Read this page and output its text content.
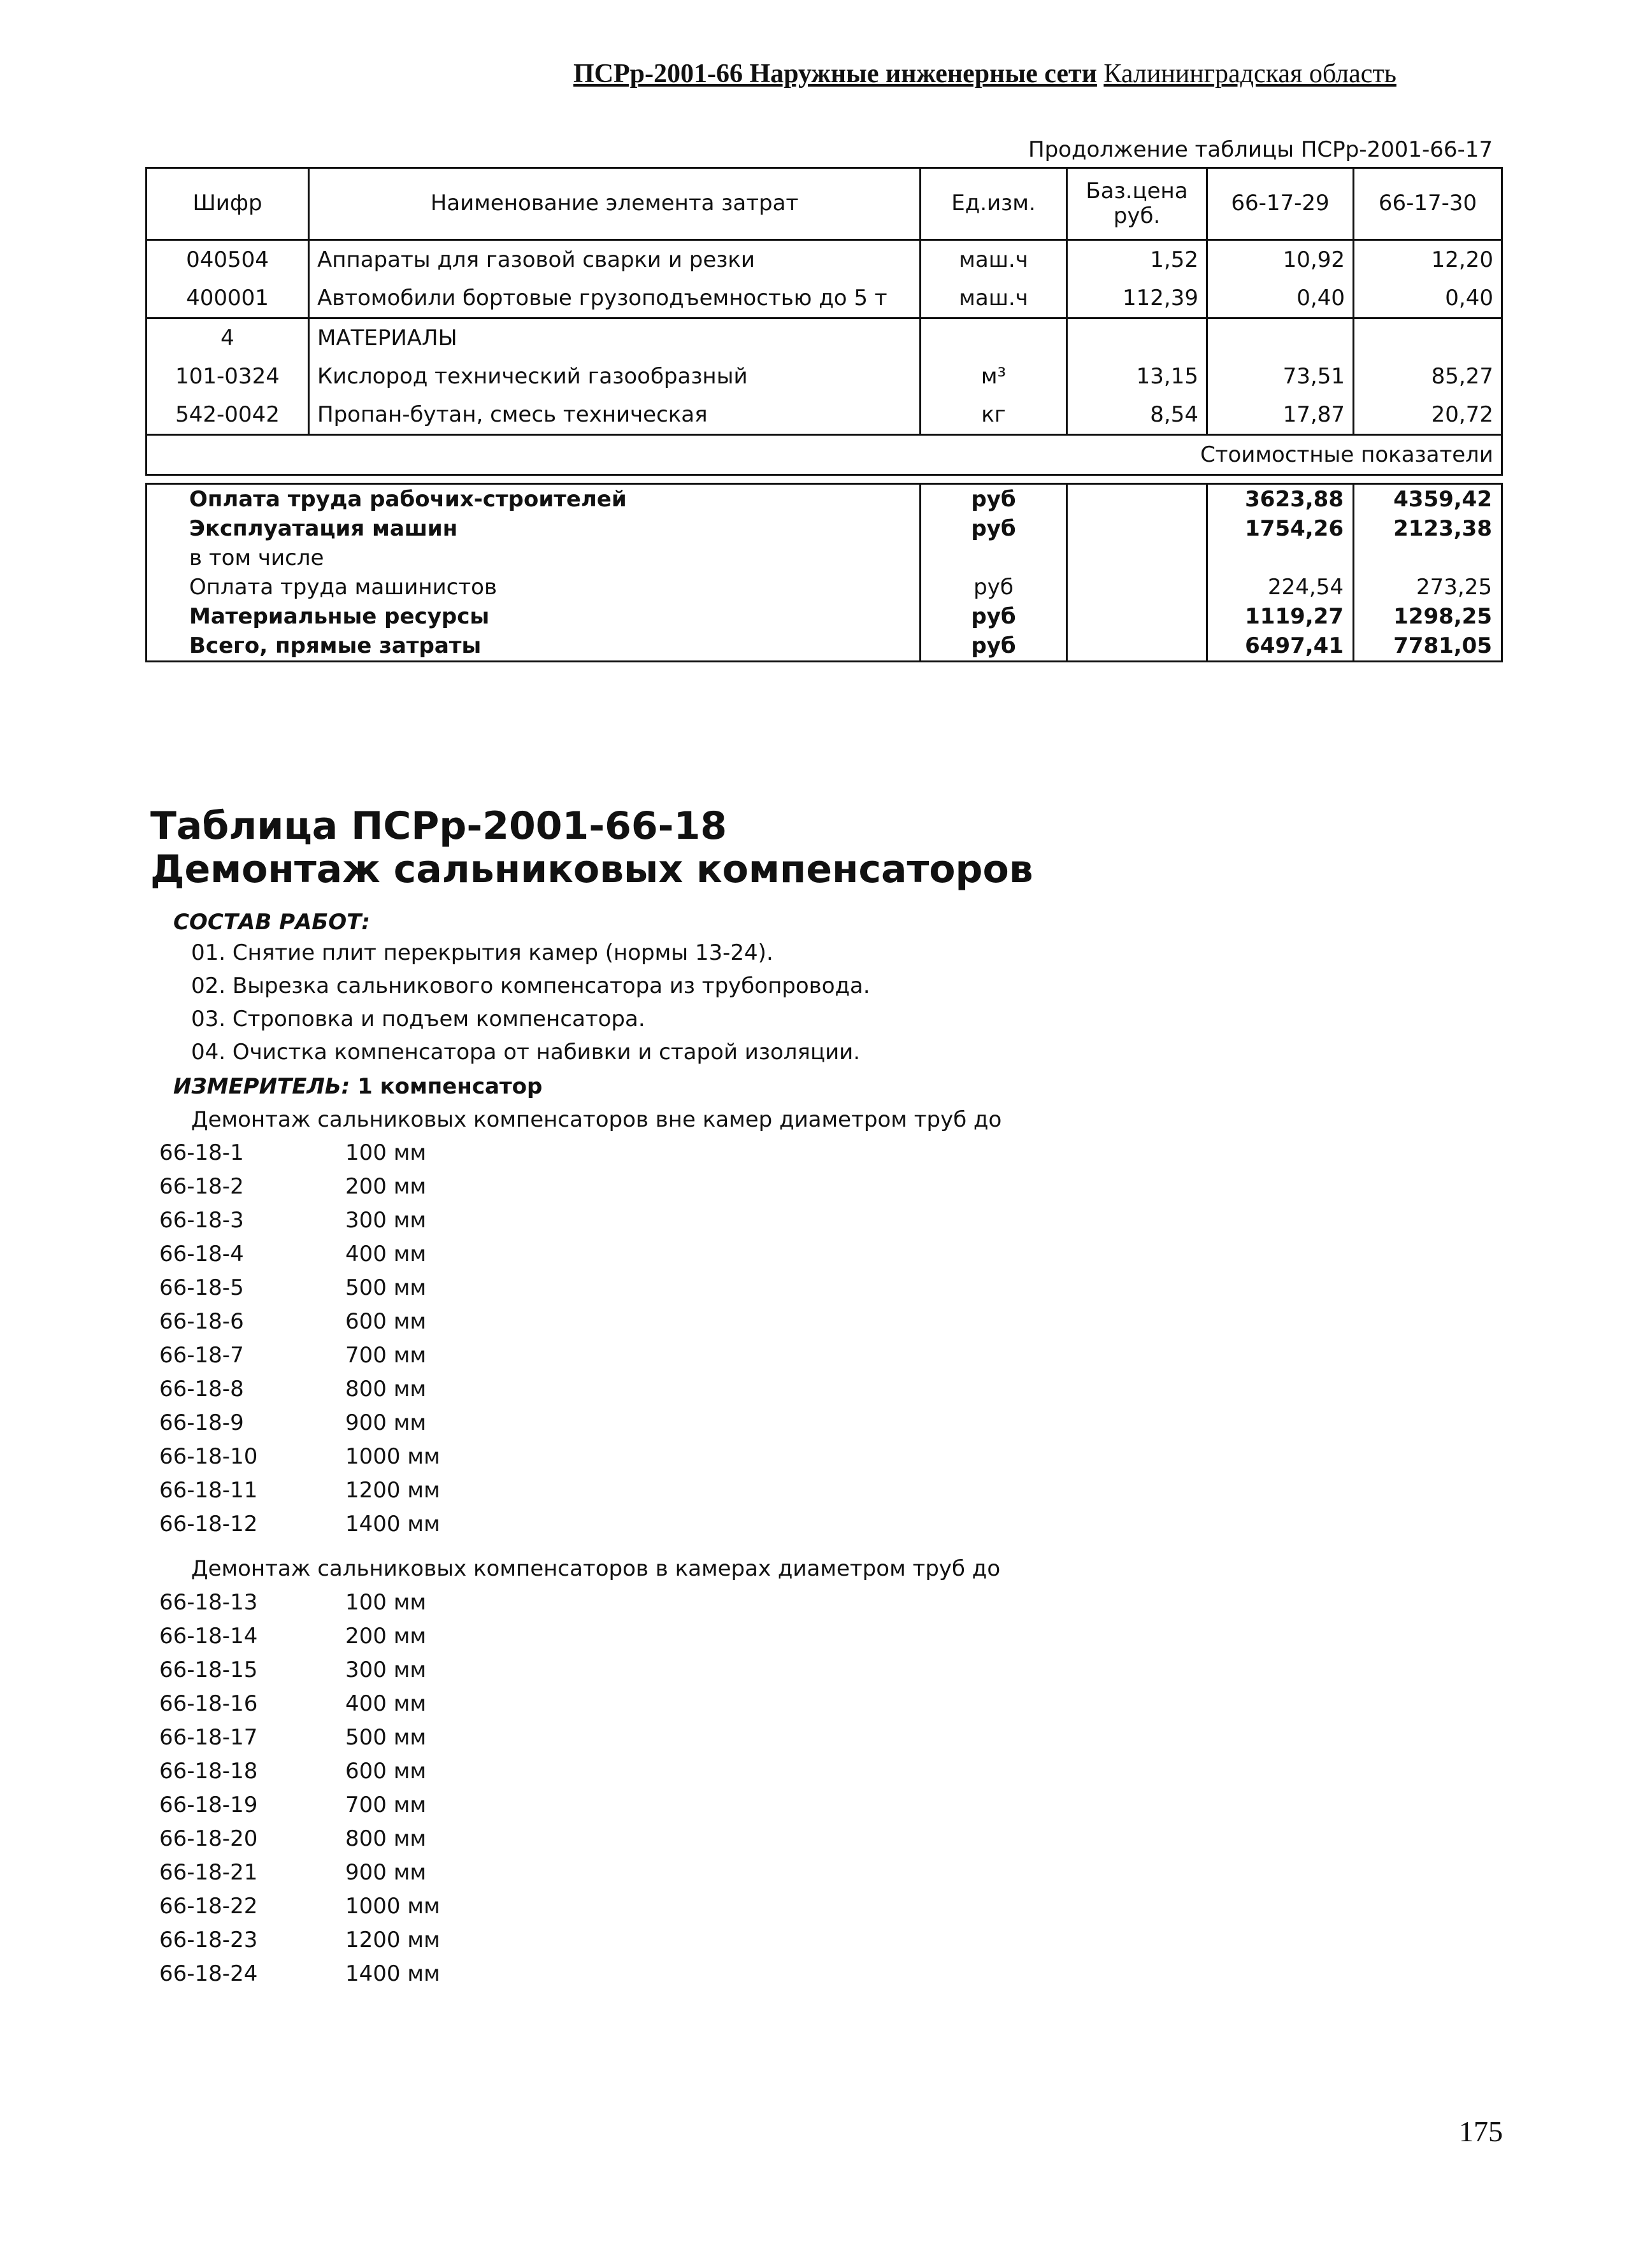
ПСРр-2001-66 Наружные инженерные сети Калининградская область
Продолжение таблицы ПСРр-2001-66-17
Шифр	Наименование элемента затрат	Ед.изм.	Баз.цена руб.	66-17-29	66-17-30
040504	Аппараты для газовой сварки и резки	маш.ч	1,52	10,92	12,20
400001	Автомобили бортовые грузоподъемностью до 5 т	маш.ч	112,39	0,40	0,40
4	МАТЕРИАЛЫ				
101-0324	Кислород технический газообразный	м³	13,15	73,51	85,27
542-0042	Пропан-бутан, смесь техническая	кг	8,54	17,87	20,72
Стоимостные показатели					
Оплата труда рабочих-строителей	руб		3623,88	4359,42
Эксплуатация машин	руб		1754,26	2123,38
в том числе				
Оплата труда машинистов	руб		224,54	273,25
Материальные ресурсы	руб		1119,27	1298,25
Всего, прямые затраты	руб		6497,41	7781,05
Таблица ПСРр-2001-66-18
Демонтаж сальниковых компенсаторов
СОСТАВ РАБОТ:
01. Снятие плит перекрытия камер (нормы 13-24).
02. Вырезка сальникового компенсатора из трубопровода.
03. Строповка и подъем компенсатора.
04. Очистка компенсатора от набивки и старой изоляции.
ИЗМЕРИТЕЛЬ: 1 компенсатор
Демонтаж сальниковых компенсаторов вне камер диаметром труб до
66-18-1	100 мм
66-18-2	200 мм
66-18-3	300 мм
66-18-4	400 мм
66-18-5	500 мм
66-18-6	600 мм
66-18-7	700 мм
66-18-8	800 мм
66-18-9	900 мм
66-18-10	1000 мм
66-18-11	1200 мм
66-18-12	1400 мм
Демонтаж сальниковых компенсаторов в камерах диаметром труб до
66-18-13	100 мм
66-18-14	200 мм
66-18-15	300 мм
66-18-16	400 мм
66-18-17	500 мм
66-18-18	600 мм
66-18-19	700 мм
66-18-20	800 мм
66-18-21	900 мм
66-18-22	1000 мм
66-18-23	1200 мм
66-18-24	1400 мм
175
